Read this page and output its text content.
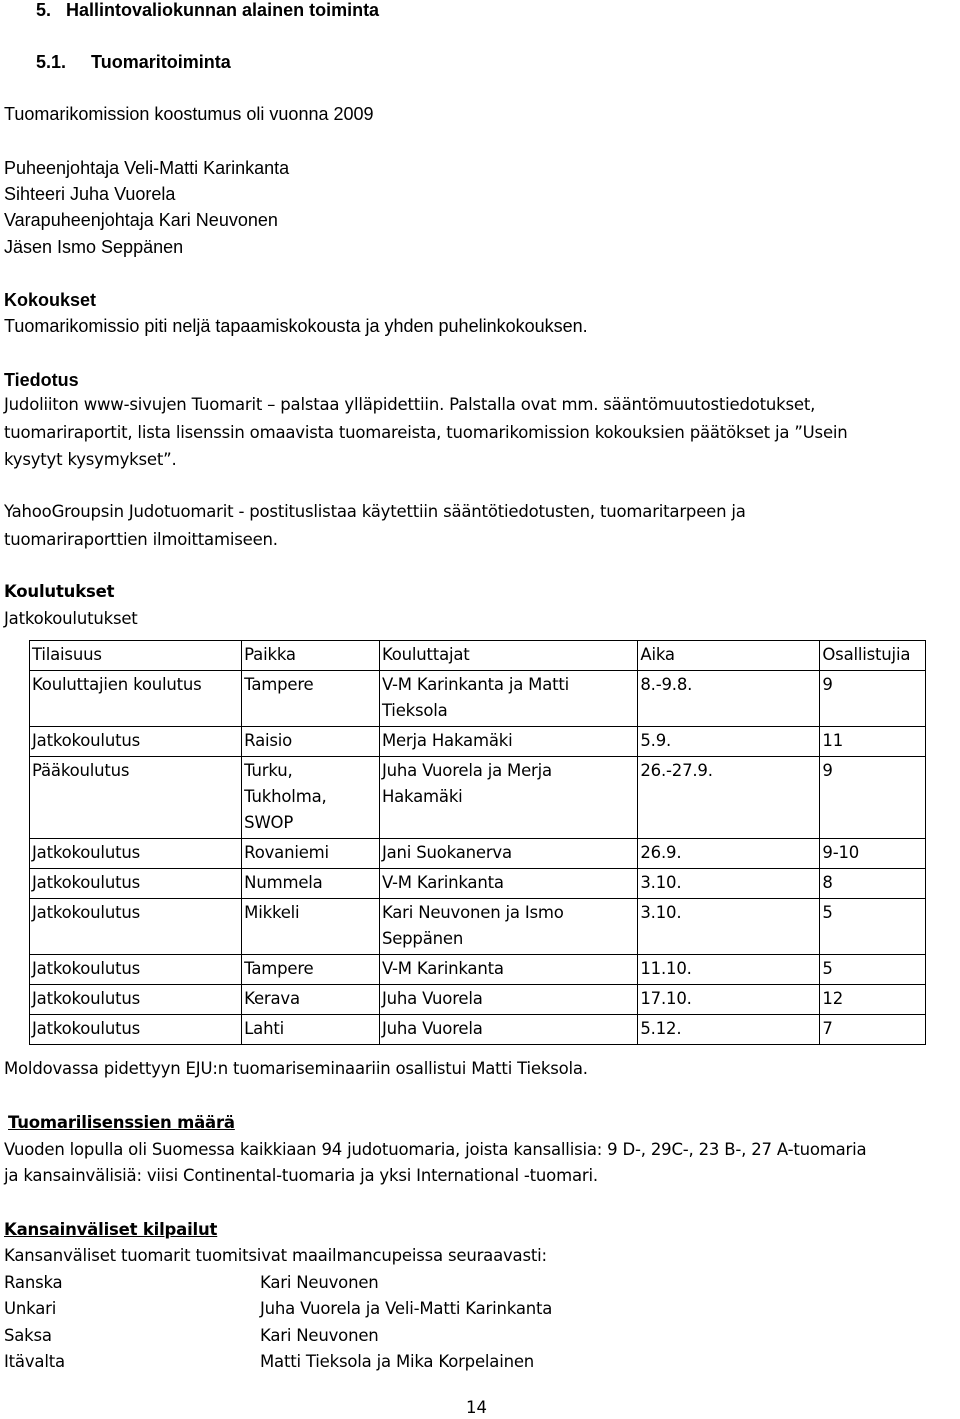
5. Hallintovaliokunnan alainen toiminta
5.1. Tuomaritoiminta
Tuomarikomission koostumus oli vuonna 2009
Puheenjohtaja Veli-Matti Karinkanta
Sihteeri Juha Vuorela
Varapuheenjohtaja Kari Neuvonen
Jäsen Ismo Seppänen
Kokoukset
Tuomarikomissio piti neljä tapaamiskokousta ja yhden puhelinkokouksen.
Tiedotus
Judoliiton www-sivujen Tuomarit – palstaa ylläpidettiin. Palstalla ovat mm. sääntömuutostiedotukset,
tuomariraportit, lista lisenssin omaavista tuomareista, tuomarikomission kokouksien päätökset ja ”Usein
kysytyt kysymykset”.
YahooGroupsin Judotuomarit - postituslistaa käytettiin sääntötiedotusten, tuomaritarpeen ja
tuomariraporttien ilmoittamiseen.
Koulutukset
Jatkokoulutukset
Tilaisuus	Paikka	Kouluttajat	Aika	Osallistujia
Kouluttajien koulutus	Tampere	V-M Karinkanta ja Matti Tieksola	8.-9.8.	9
Jatkokoulutus	Raisio	Merja Hakamäki	5.9.	11
Pääkoulutus	Turku, Tukholma, SWOP	Juha Vuorela ja Merja Hakamäki	26.-27.9.	9
Jatkokoulutus	Rovaniemi	Jani Suokanerva	26.9.	9-10
Jatkokoulutus	Nummela	V-M Karinkanta	3.10.	8
Jatkokoulutus	Mikkeli	Kari Neuvonen ja Ismo Seppänen	3.10.	5
Jatkokoulutus	Tampere	V-M Karinkanta	11.10.	5
Jatkokoulutus	Kerava	Juha Vuorela	17.10.	12
Jatkokoulutus	Lahti	Juha Vuorela	5.12.	7
Moldovassa pidettyyn EJU:n tuomariseminaariin osallistui Matti Tieksola.
Tuomarilisenssien määrä
Vuoden lopulla oli Suomessa kaikkiaan 94 judotuomaria, joista kansallisia: 9 D-, 29C-, 23 B-, 27 A-tuomaria
ja kansainvälisiä: viisi Continental-tuomaria ja yksi International -tuomari.
Kansainväliset kilpailut
Kansanväliset tuomarit tuomitsivat maailmancupeissa seuraavasti:
Ranska	Kari Neuvonen
Unkari	Juha Vuorela ja Veli-Matti Karinkanta
Saksa	Kari Neuvonen
Itävalta	Matti Tieksola ja Mika Korpelainen
14
